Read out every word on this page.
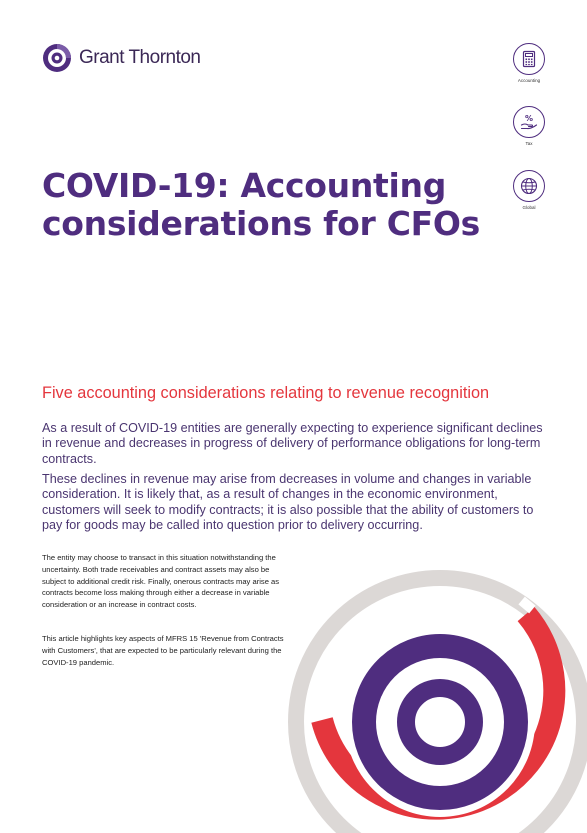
Grant Thornton
Accounting
%
Tax
Global
COVID-19: Accounting
considerations for CFOs
Five accounting considerations relating to revenue recognition

As a result of COVID-19 entities are generally expecting to experience significant declines in revenue and decreases in progress of delivery of performance obligations for long-term contracts.

These declines in revenue may arise from decreases in volume and changes in variable consideration. It is likely that, as a result of changes in the economic environment, customers will seek to modify contracts; it is also possible that the ability of customers to pay for goods may be called into question prior to delivery occurring.

The entity may choose to transact in this situation notwithstanding the uncertainty. Both trade receivables and contract assets may also be subject to additional credit risk. Finally, onerous contracts may arise as contracts become loss making through either a decrease in variable consideration or an increase in contract costs.

This article highlights key aspects of MFRS 15 'Revenue from Contracts with Customers', that are expected to be particularly relevant during the COVID-19 pandemic.
